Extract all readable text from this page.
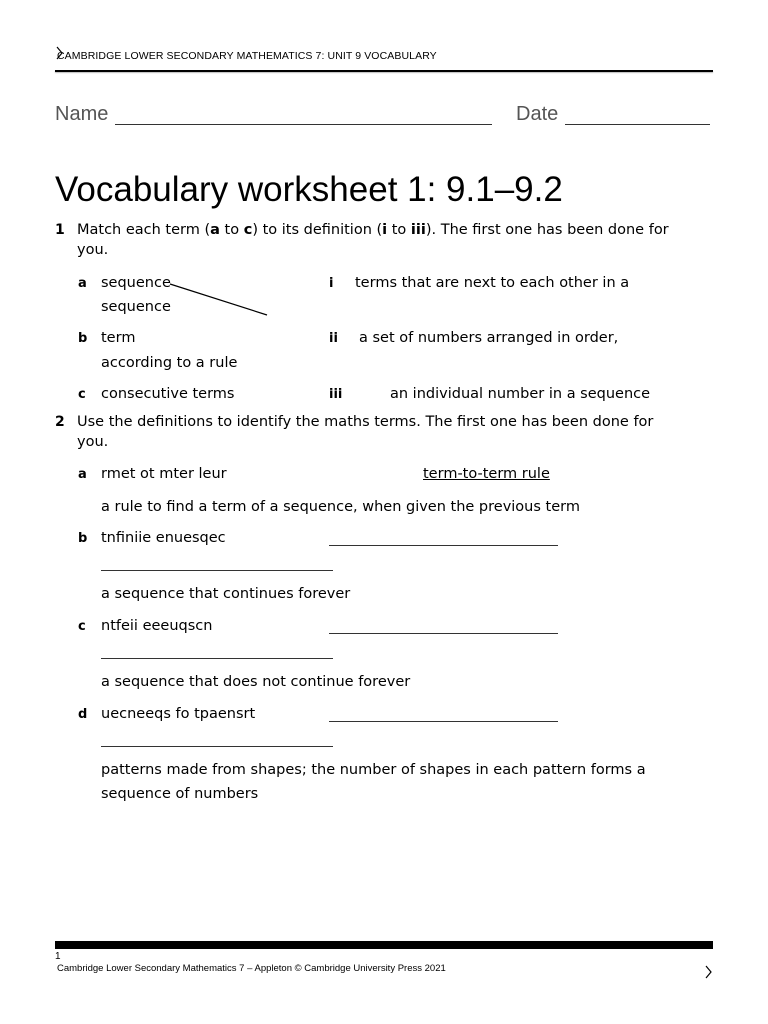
CAMBRIDGE LOWER SECONDARY MATHEMATICS 7: UNIT 9 VOCABULARY
Name	Date
Vocabulary worksheet 1: 9.1–9.2
1 Match each term (a to c) to its definition (i to iii). The first one has been done for
you.
a sequence	i terms that are next to each other in a
sequence
b term	ii a set of numbers arranged in order,
according to a rule
c consecutive terms	iii	an individual number in a sequence
2 Use the definitions to identify the maths terms. The first one has been done for
you.
a rmet ot mter leur	term-to-term rule
a rule to find a term of a sequence, when given the previous term
b tnfiniie enuesqec
a sequence that continues forever
c ntfeii eeeuqscn
a sequence that does not continue forever
d uecneeqs fo tpaensrt
patterns made from shapes; the number of shapes in each pattern forms a
sequence of numbers
1
Cambridge Lower Secondary Mathematics 7 – Appleton © Cambridge University Press 2021
